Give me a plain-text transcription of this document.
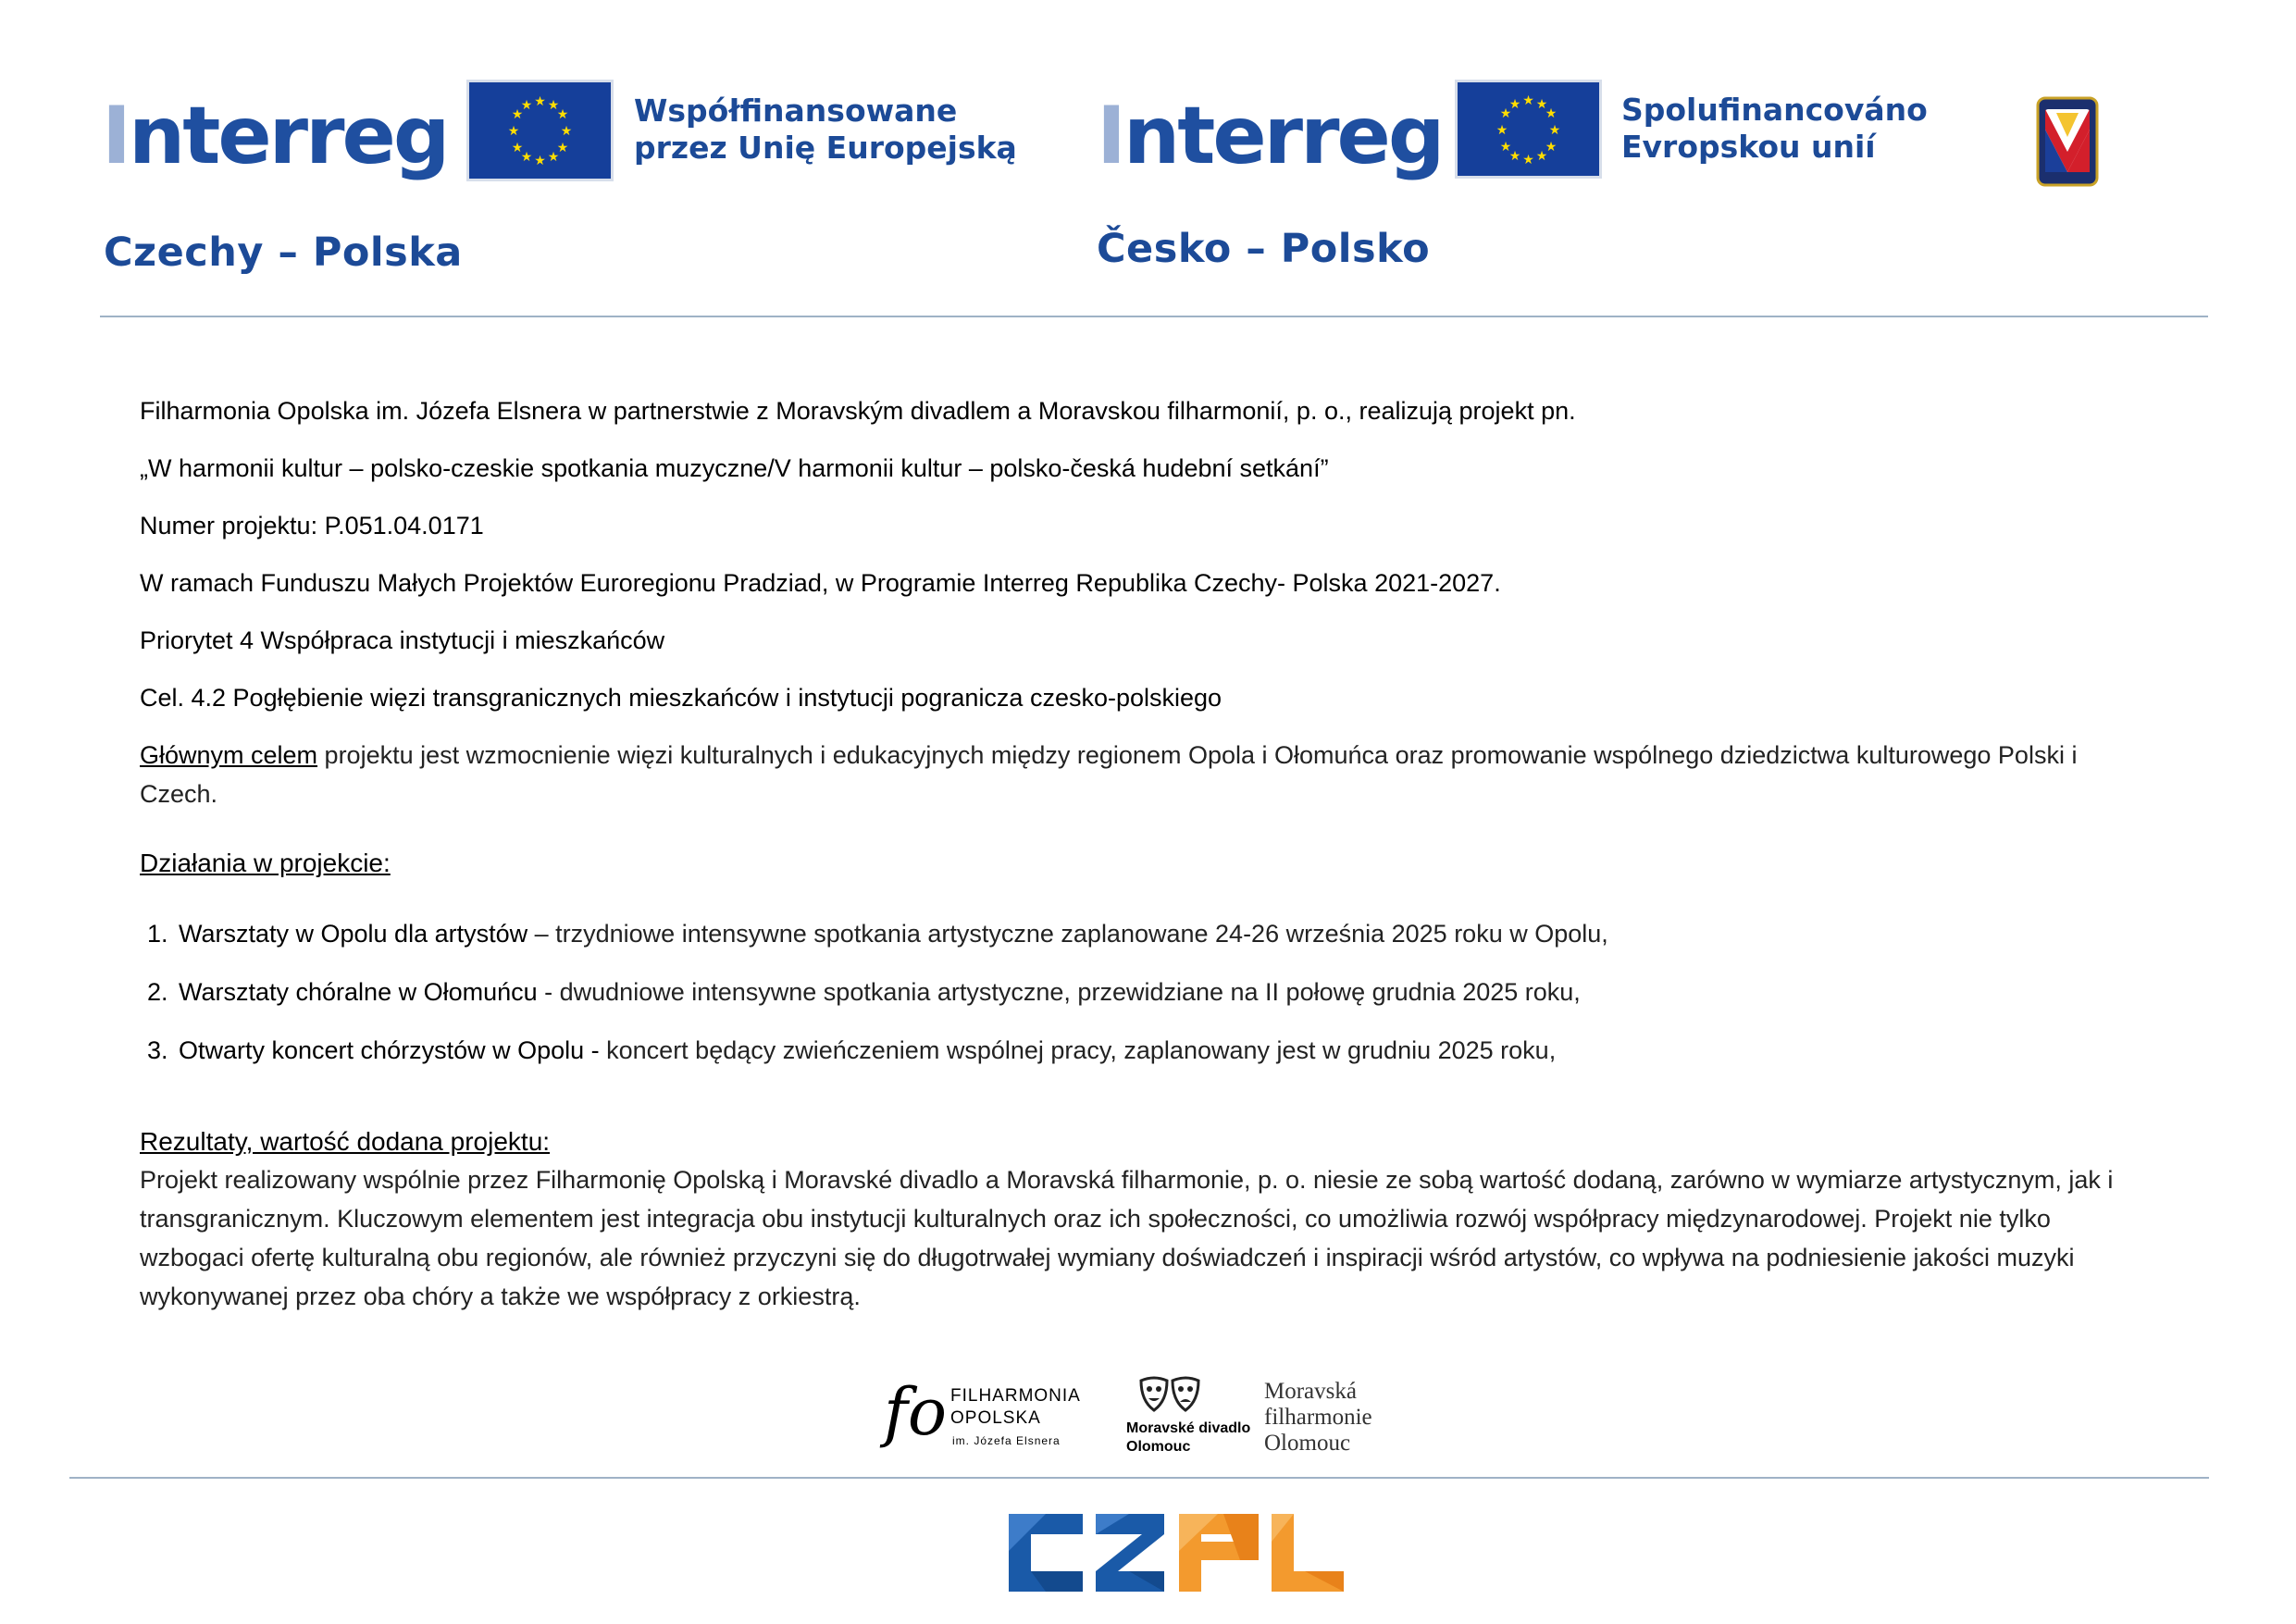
Interreg
Czechy – Polska
★ ★
★
★
★
★
★
★
★
★
★
★	Współfinansowane
przez Unię Europejską Interreg
Česko – Polsko
★ ★
★
★
★
★
★
★
★
★
★
★	Spolufinancováno
Evropskou unií
Filharmonia Opolska im. Józefa Elsnera w partnerstwie z Moravským divadlem a Moravskou filharmonií, p. o., realizują projekt pn.
„W harmonii kultur – polsko-czeskie spotkania muzyczne/V harmonii kultur – polsko-česká hudební setkání”
Numer projektu: P.051.04.0171
W ramach Funduszu Małych Projektów Euroregionu Pradziad, w Programie Interreg Republika Czechy- Polska 2021-2027.
Priorytet 4 Współpraca instytucji i mieszkańców
Cel. 4.2 Pogłębienie więzi transgranicznych mieszkańców i instytucji pogranicza czesko-polskiego
Głównym celem projektu jest wzmocnienie więzi kulturalnych i edukacyjnych między regionem Opola i Ołomuńca oraz promowanie wspólnego dziedzictwa kulturowego Polski i Czech.
Działania w projekcie:
1. Warsztaty w Opolu dla artystów – trzydniowe intensywne spotkania artystyczne zaplanowane 24-26 września 2025 roku w Opolu,
2. Warsztaty chóralne w Ołomuńcu - dwudniowe intensywne spotkania artystyczne, przewidziane na II połowę grudnia 2025 roku,
3. Otwarty koncert chórzystów w Opolu - koncert będący zwieńczeniem wspólnej pracy, zaplanowany jest w grudniu 2025 roku,
Rezultaty, wartość dodana projektu:
Projekt realizowany wspólnie przez Filharmonię Opolską i Moravské divadlo a Moravská filharmonie, p. o. niesie ze sobą wartość dodaną, zarówno w wymiarze artystycznym, jak i transgranicznym. Kluczowym elementem jest integracja obu instytucji kulturalnych oraz ich społeczności, co umożliwia rozwój współpracy międzynarodowej. Projekt nie tylko wzbogaci ofertę kulturalną obu regionów, ale również przyczyni się do długotrwałej wymiany doświadczeń i inspiracji wśród artystów, co wpływa na podniesienie jakości muzyki wykonywanej przez oba chóry a także we współpracy z orkiestrą.
fo FILHARMONIA
OPOLSKA
im. Józefa Elsnera
Moravské divadlo
Olomouc
Moravská
filharmonie
Olomouc
